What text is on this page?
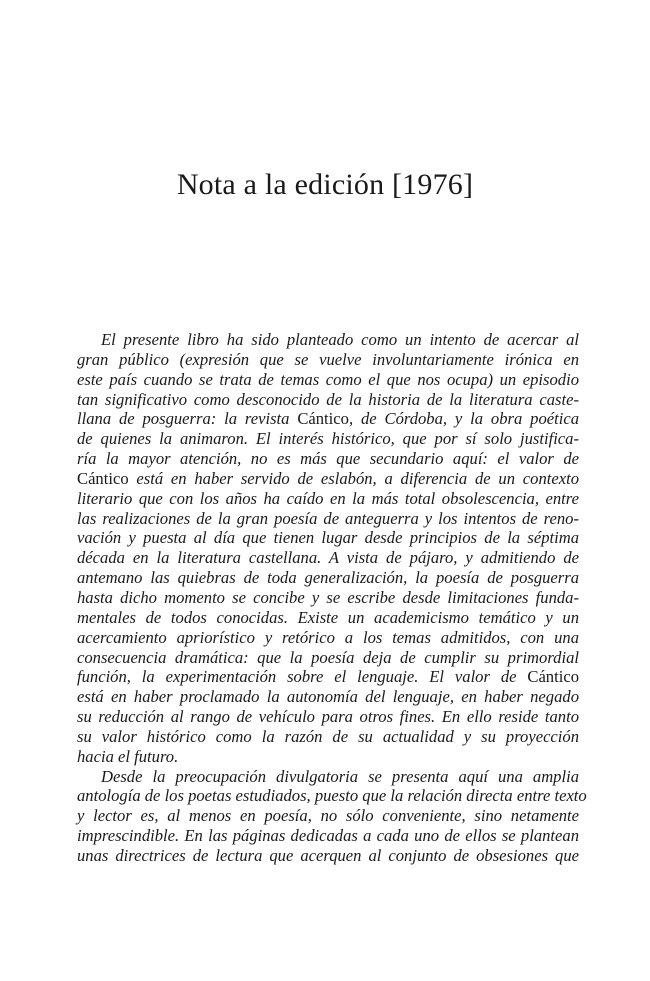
Nota a la edición [1976]

El presente libro ha sido planteado como un intento de acercar al
gran público (expresión que se vuelve involuntariamente irónica en
este país cuando se trata de temas como el que nos ocupa) un episodio
tan significativo como desconocido de la historia de la literatura caste-
llana de posguerra: la revista Cántico, de Córdoba, y la obra poética
de quienes la animaron. El interés histórico, que por sí solo justifica-
ría la mayor atención, no es más que secundario aquí: el valor de
Cántico está en haber servido de eslabón, a diferencia de un contexto
literario que con los años ha caído en la más total obsolescencia, entre
las realizaciones de la gran poesía de anteguerra y los intentos de reno-
vación y puesta al día que tienen lugar desde principios de la séptima
década en la literatura castellana. A vista de pájaro, y admitiendo de
antemano las quiebras de toda generalización, la poesía de posguerra
hasta dicho momento se concibe y se escribe desde limitaciones funda-
mentales de todos conocidas. Existe un academicismo temático y un
acercamiento apriorístico y retórico a los temas admitidos, con una
consecuencia dramática: que la poesía deja de cumplir su primordial
función, la experimentación sobre el lenguaje. El valor de Cántico
está en haber proclamado la autonomía del lenguaje, en haber negado
su reducción al rango de vehículo para otros fines. En ello reside tanto
su valor histórico como la razón de su actualidad y su proyección
hacia el futuro.

Desde la preocupación divulgatoria se presenta aquí una amplia
antología de los poetas estudiados, puesto que la relación directa entre texto
y lector es, al menos en poesía, no sólo conveniente, sino netamente
imprescindible. En las páginas dedicadas a cada uno de ellos se plantean
unas directrices de lectura que acerquen al conjunto de obsesiones que
